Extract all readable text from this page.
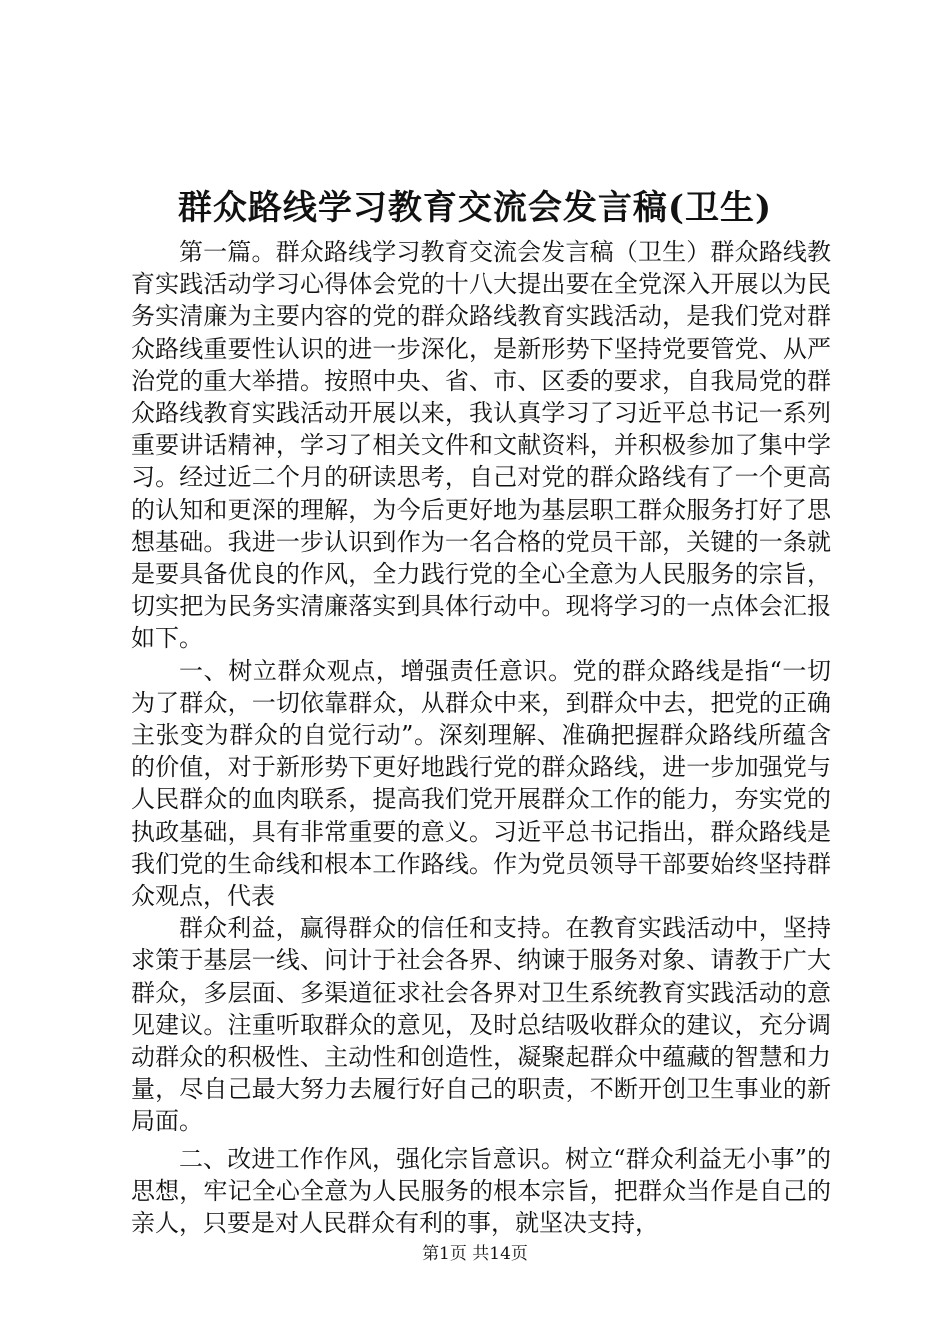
群众路线学习教育交流会发言稿(卫生)

第一篇。群众路线学习教育交流会发言稿（卫生）群众路线教育实践活动学习心得体会党的十八大提出要在全党深入开展以为民务实清廉为主要内容的党的群众路线教育实践活动，是我们党对群众路线重要性认识的进一步深化，是新形势下坚持党要管党、从严治党的重大举措。按照中央、省、市、区委的要求，自我局党的群众路线教育实践活动开展以来，我认真学习了习近平总书记一系列重要讲话精神，学习了相关文件和文献资料，并积极参加了集中学习。经过近二个月的研读思考，自己对党的群众路线有了一个更高的认知和更深的理解，为今后更好地为基层职工群众服务打好了思想基础。我进一步认识到作为一名合格的党员干部，关键的一条就是要具备优良的作风，全力践行党的全心全意为人民服务的宗旨，切实把为民务实清廉落实到具体行动中。现将学习的一点体会汇报如下。

一、树立群众观点，增强责任意识。党的群众路线是指“一切为了群众，一切依靠群众，从群众中来，到群众中去，把党的正确主张变为群众的自觉行动”。深刻理解、准确把握群众路线所蕴含的价值，对于新形势下更好地践行党的群众路线，进一步加强党与人民群众的血肉联系，提高我们党开展群众工作的能力，夯实党的执政基础，具有非常重要的意义。习近平总书记指出，群众路线是我们党的生命线和根本工作路线。作为党员领导干部要始终坚持群众观点，代表

群众利益，赢得群众的信任和支持。在教育实践活动中，坚持求策于基层一线、问计于社会各界、纳谏于服务对象、请教于广大群众，多层面、多渠道征求社会各界对卫生系统教育实践活动的意见建议。注重听取群众的意见，及时总结吸收群众的建议，充分调动群众的积极性、主动性和创造性，凝聚起群众中蕴藏的智慧和力量，尽自己最大努力去履行好自己的职责，不断开创卫生事业的新局面。

二、改进工作作风，强化宗旨意识。树立“群众利益无小事”的思想，牢记全心全意为人民服务的根本宗旨，把群众当作是自己的亲人，只要是对人民群众有利的事，就坚决支持，

第1页 共14页
